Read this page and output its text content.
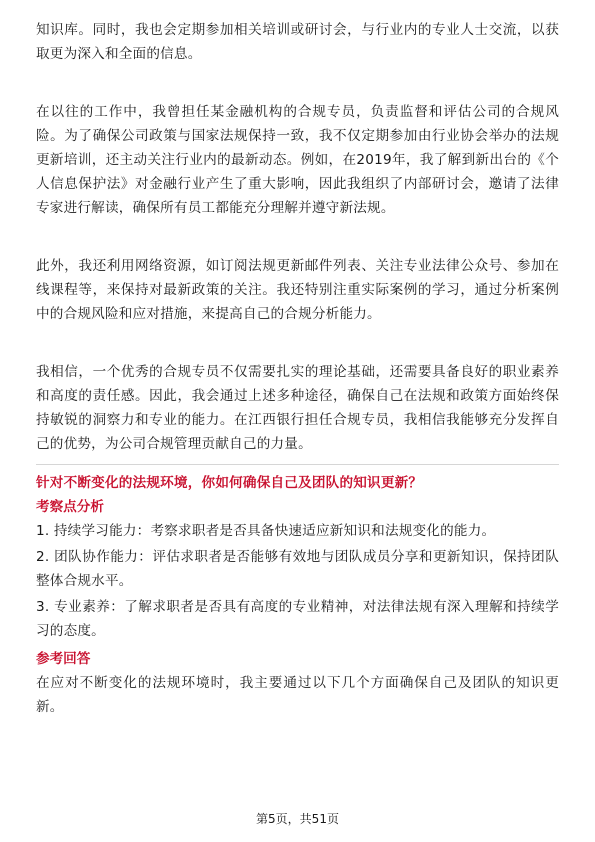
知识库。同时，我也会定期参加相关培训或研讨会，与行业内的专业人士交流，以获取更为深入和全面的信息。

在以往的工作中，我曾担任某金融机构的合规专员，负责监督和评估公司的合规风险。为了确保公司政策与国家法规保持一致，我不仅定期参加由行业协会举办的法规更新培训，还主动关注行业内的最新动态。例如，在2019年，我了解到新出台的《个人信息保护法》对金融行业产生了重大影响，因此我组织了内部研讨会，邀请了法律专家进行解读，确保所有员工都能充分理解并遵守新法规。

此外，我还利用网络资源，如订阅法规更新邮件列表、关注专业法律公众号、参加在线课程等，来保持对最新政策的关注。我还特别注重实际案例的学习，通过分析案例中的合规风险和应对措施，来提高自己的合规分析能力。

我相信，一个优秀的合规专员不仅需要扎实的理论基础，还需要具备良好的职业素养和高度的责任感。因此，我会通过上述多种途径，确保自己在法规和政策方面始终保持敏锐的洞察力和专业的能力。在江西银行担任合规专员，我相信我能够充分发挥自己的优势，为公司合规管理贡献自己的力量。

针对不断变化的法规环境，你如何确保自己及团队的知识更新？

考察点分析

1. 持续学习能力：考察求职者是否具备快速适应新知识和法规变化的能力。
2. 团队协作能力：评估求职者是否能够有效地与团队成员分享和更新知识，保持团队整体合规水平。
3. 专业素养：了解求职者是否具有高度的专业精神，对法律法规有深入理解和持续学习的态度。

参考回答

在应对不断变化的法规环境时，我主要通过以下几个方面确保自己及团队的知识更新。

第5页，共51页
